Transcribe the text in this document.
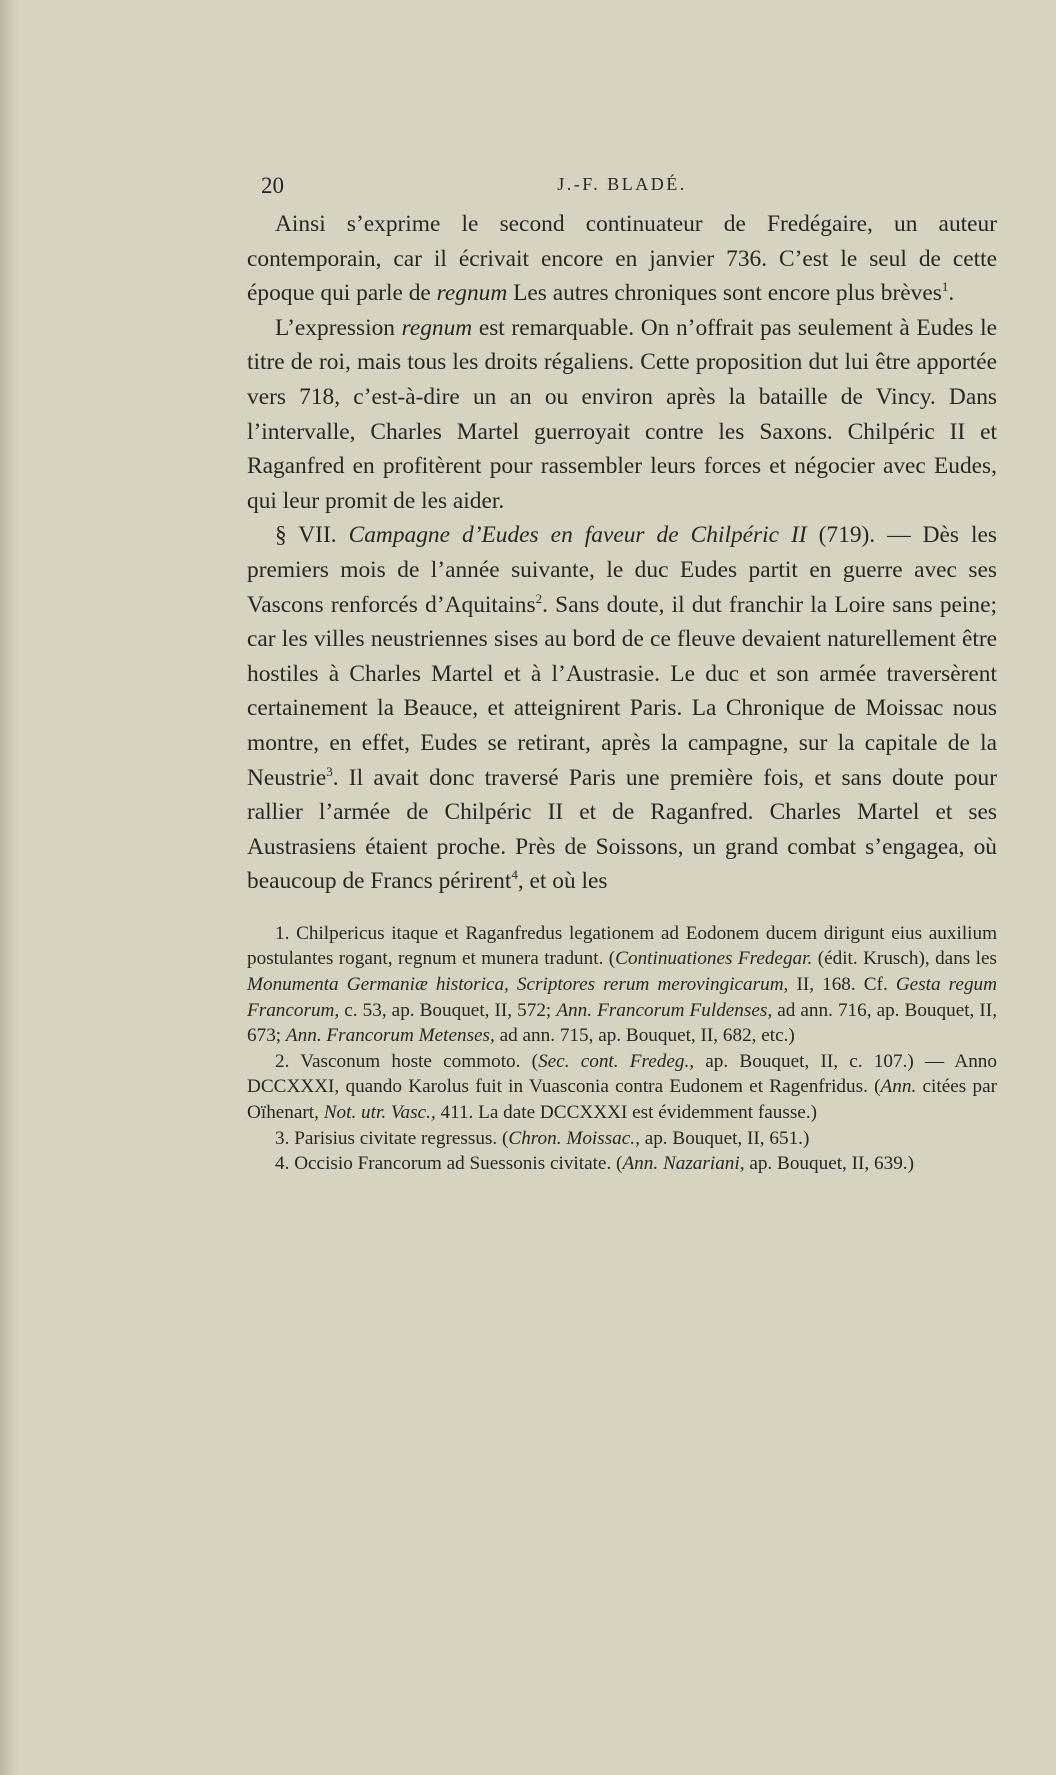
20	J.-F. BLADÉ.

Ainsi s’exprime le second continuateur de Fredégaire, un auteur contemporain, car il écrivait encore en janvier 736. C’est le seul de cette époque qui parle de regnum Les autres chroniques sont encore plus brèves$^1$.

L’expression regnum est remarquable. On n’offrait pas seulement à Eudes le titre de roi, mais tous les droits régaliens. Cette proposition dut lui être apportée vers 718, c’est-à-dire un an ou environ après la bataille de Vincy. Dans l’intervalle, Charles Martel guerroyait contre les Saxons. Chilpéric II et Raganfred en profitèrent pour rassembler leurs forces et négocier avec Eudes, qui leur promit de les aider.

§ VII. Campagne d’Eudes en faveur de Chilpéric II (719). — Dès les premiers mois de l’année suivante, le duc Eudes partit en guerre avec ses Vascons renforcés d’Aquitains$^2$. Sans doute, il dut franchir la Loire sans peine; car les villes neustriennes sises au bord de ce fleuve devaient naturellement être hostiles à Charles Martel et à l’Austrasie. Le duc et son armée traversèrent certainement la Beauce, et atteignirent Paris. La Chronique de Moissac nous montre, en effet, Eudes se retirant, après la campagne, sur la capitale de la Neustrie$^3$. Il avait donc traversé Paris une première fois, et sans doute pour rallier l’armée de Chilpéric II et de Raganfred. Charles Martel et ses Austrasiens étaient proche. Près de Soissons, un grand combat s’engagea, où beaucoup de Francs périrent$^4$, et où les

1. Chilpericus itaque et Raganfredus legationem ad Eodonem ducem dirigunt eius auxilium postulantes rogant, regnum et munera tradunt. (Continuationes Fredegar. (édit. Krusch), dans les Monumenta Germaniæ historica, Scriptores rerum merovingicarum, II, 168. Cf. Gesta regum Francorum, c. 53, ap. Bouquet, II, 572; Ann. Francorum Fuldenses, ad ann. 716, ap. Bouquet, II, 673; Ann. Francorum Metenses, ad ann. 715, ap. Bouquet, II, 682, etc.)

2. Vasconum hoste commoto. (Sec. cont. Fredeg., ap. Bouquet, II, c. 107.) — Anno DCCXXXI, quando Karolus fuit in Vuasconia contra Eudonem et Ragenfridus. (Ann. citées par Oïhenart, Not. utr. Vasc., 411. La date DCCXXXI est évidemment fausse.)

3. Parisius civitate regressus. (Chron. Moissac., ap. Bouquet, II, 651.)

4. Occisio Francorum ad Suessonis civitate. (Ann. Nazariani, ap. Bouquet, II, 639.)
